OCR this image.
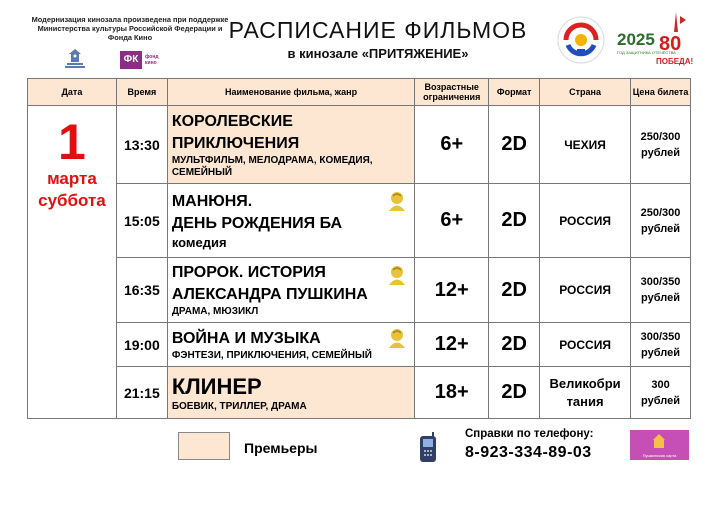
Модернизация кинозала произведена при поддержке Министерства культуры Российской Федерации и Фонда Кино
ФК	фонд кино
РАСПИСАНИЕ ФИЛЬМОВ
в кинозале «ПРИТЯЖЕНИЕ»
2025
ГОД ЗАЩИТНИКА ОТЕЧЕСТВА
80
ПОБЕДА!
Дата	Время	Наименование фильма, жанр	Возрастные ограничения	Формат	Страна	Цена билета

1
марта
суббота	13:30	КОРОЛЕВСКИЕ
ПРИКЛЮЧЕНИЯ
МУЛЬТФИЛЬМ, МЕЛОДРАМА, КОМЕДИЯ, СЕМЕЙНЫЙ	6+	2D	ЧЕХИЯ	250/300
рублей
	15:05	МАНЮНЯ.
ДЕНЬ РОЖДЕНИЯ БА
комедия	6+	2D	РОССИЯ	250/300
рублей
	16:35	ПРОРОК. ИСТОРИЯ
АЛЕКСАНДРА ПУШКИНА
ДРАМА, МЮЗИКЛ	12+	2D	РОССИЯ	300/350
рублей
	19:00	ВОЙНА И МУЗЫКА
ФЭНТЕЗИ, ПРИКЛЮЧЕНИЯ, СЕМЕЙНЫЙ	12+	2D	РОССИЯ	300/350
рублей
	21:15	КЛИНЕР
БОЕВИК, ТРИЛЛЕР, ДРАМА	18+	2D	Великобри
тания	300
рублей
Премьеры
Справки по телефону:
8-923-334-89-03	Пушкинская карта
